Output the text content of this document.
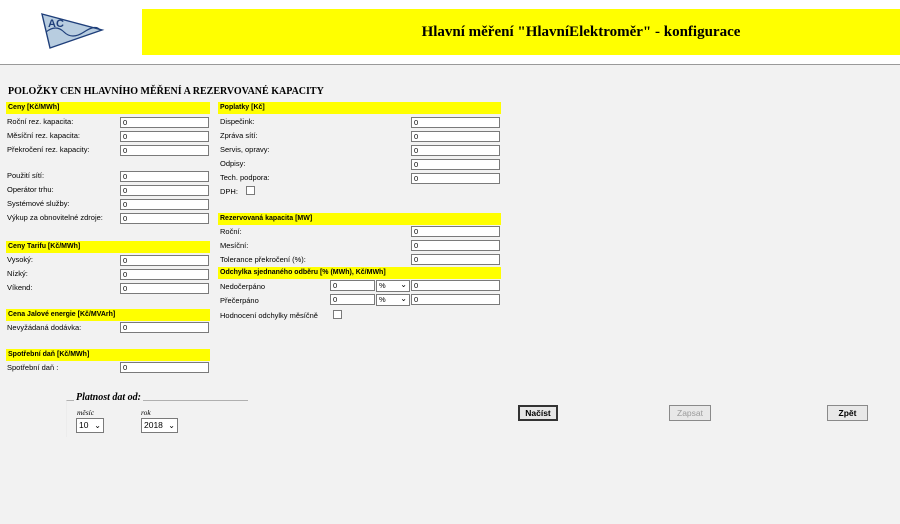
AC	Hlavní měření "HlavníElektroměr" - konfigurace
POLOŽKY CEN HLAVNÍHO MĚŘENÍ A REZERVOVANÉ KAPACITY
Ceny [Kč/MWh]
Roční rez. kapacita:	0
Měsíční rez. kapacita:	0
Překročení rez. kapacity:	0
Použití sítí:	0
Operátor trhu:	0
Systémové služby:	0
Výkup za obnovitelné zdroje:	0
Ceny Tarifu [Kč/MWh]
Vysoký:	0
Nízký:	0
Víkend:	0
Cena Jalové energie [Kč/MVArh]
Nevyžádaná dodávka:	0
Spotřební daň [Kč/MWh]
Spotřební daň :	0
Poplatky [Kč]
Dispečink:	0
Zpráva sítí:	0
Servis, opravy:	0
Odpisy:	0
Tech. podpora:	0
DPH:
Rezervovaná kapacita [MW]
Roční:	0
Mesíční:	0
Tolerance překročení (%):	0
Odchylka sjednaného odběru [% (MWh), Kč/MWh]
Nedočerpáno	0	% ⌄ 0
Přečerpáno	0	% ⌄ 0
Hodnocení odchylky měsíčně
Platnost dat od:
měsíc
10 ⌄
rok
2018 ⌄
Načíst	Zapsat	Zpět
